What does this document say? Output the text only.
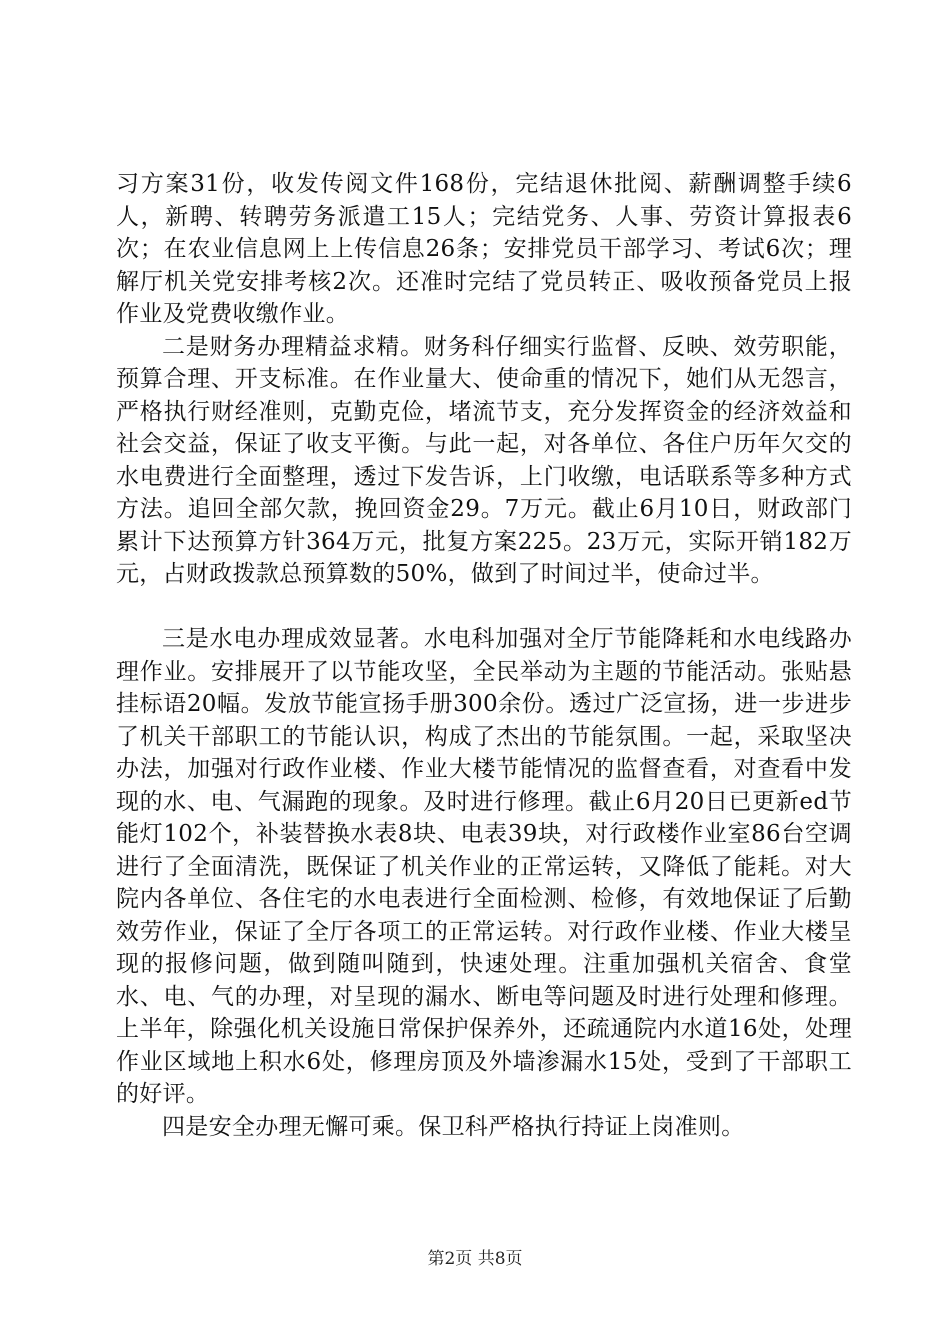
习方案31份，收发传阅文件168份，完结退休批阅、薪酬调整手续6人，新聘、转聘劳务派遣工15人；完结党务、人事、劳资计算报表6次；在农业信息网上上传信息26条；安排党员干部学习、考试6次；理解厅机关党安排考核2次。还准时完结了党员转正、吸收预备党员上报作业及党费收缴作业。

二是财务办理精益求精。财务科仔细实行监督、反映、效劳职能，预算合理、开支标准。在作业量大、使命重的情况下，她们从无怨言，严格执行财经准则，克勤克俭，堵流节支，充分发挥资金的经济效益和社会交益，保证了收支平衡。与此一起，对各单位、各住户历年欠交的水电费进行全面整理，透过下发告诉，上门收缴，电话联系等多种方式方法。追回全部欠款，挽回资金29。7万元。截止6月10日，财政部门累计下达预算方针364万元，批复方案225。23万元，实际开销182万元，占财政拨款总预算数的50%，做到了时间过半，使命过半。

三是水电办理成效显著。水电科加强对全厅节能降耗和水电线路办理作业。安排展开了以节能攻坚，全民举动为主题的节能活动。张贴悬挂标语20幅。发放节能宣扬手册300余份。透过广泛宣扬，进一步进步了机关干部职工的节能认识，构成了杰出的节能氛围。一起，采取坚决办法，加强对行政作业楼、作业大楼节能情况的监督查看，对查看中发现的水、电、气漏跑的现象。及时进行修理。截止6月20日已更新ed节能灯102个，补装替换水表8块、电表39块，对行政楼作业室86台空调进行了全面清洗，既保证了机关作业的正常运转，又降低了能耗。对大院内各单位、各住宅的水电表进行全面检测、检修，有效地保证了后勤效劳作业，保证了全厅各项工的正常运转。对行政作业楼、作业大楼呈现的报修问题，做到随叫随到，快速处理。注重加强机关宿舍、食堂水、电、气的办理，对呈现的漏水、断电等问题及时进行处理和修理。上半年，除强化机关设施日常保护保养外，还疏通院内水道16处，处理作业区域地上积水6处，修理房顶及外墙渗漏水15处，受到了干部职工的好评。

四是安全办理无懈可乘。保卫科严格执行持证上岗准则。

第2页 共8页
